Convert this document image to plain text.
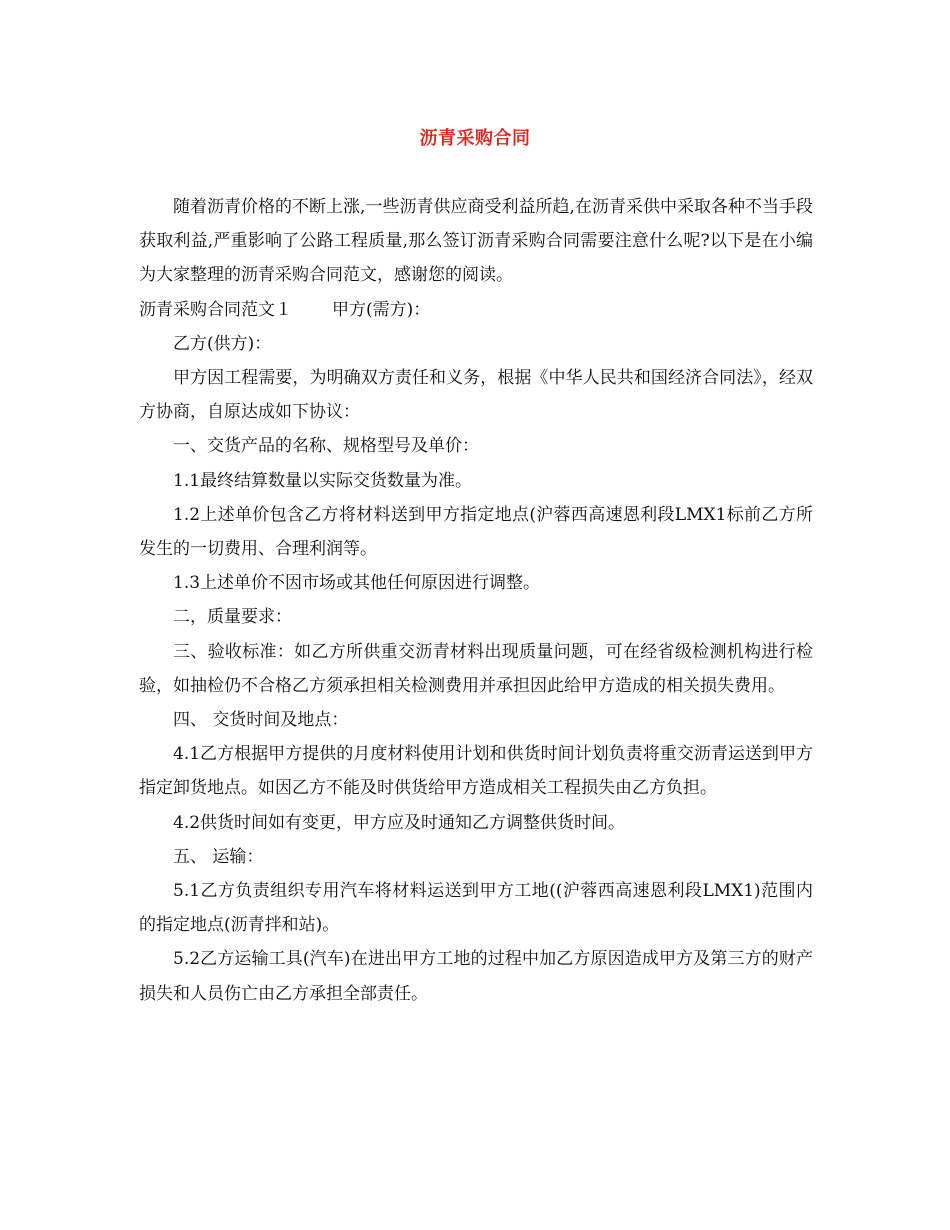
沥青采购合同

随着沥青价格的不断上涨,一些沥青供应商受利益所趋,在沥青采供中采取各种不当手段获取利益,严重影响了公路工程质量,那么签订沥青采购合同需要注意什么呢?以下是在小编为大家整理的沥青采购合同范文，感谢您的阅读。

沥青采购合同范文１ 甲方(需方)：

乙方(供方)：

甲方因工程需要，为明确双方责任和义务，根据《中华人民共和国经济合同法》，经双方协商，自原达成如下协议：

一、交货产品的名称、规格型号及单价：

1.1最终结算数量以实际交货数量为准。

1.2上述单价包含乙方将材料送到甲方指定地点(沪蓉西高速恩利段LMX1标前乙方所发生的一切费用、合理利润等。

1.3上述单价不因市场或其他任何原因进行调整。

二，质量要求：

三、验收标准：如乙方所供重交沥青材料出现质量问题，可在经省级检测机构进行检验，如抽检仍不合格乙方须承担相关检测费用并承担因此给甲方造成的相关损失费用。

四、 交货时间及地点：

4.1乙方根据甲方提供的月度材料使用计划和供货时间计划负责将重交沥青运送到甲方指定卸货地点。如因乙方不能及时供货给甲方造成相关工程损失由乙方负担。

4.2供货时间如有变更，甲方应及时通知乙方调整供货时间。

五、 运输：

5.1乙方负责组织专用汽车将材料运送到甲方工地((沪蓉西高速恩利段LMX1)范围内的指定地点(沥青拌和站)。

5.2乙方运输工具(汽车)在进出甲方工地的过程中加乙方原因造成甲方及第三方的财产损失和人员伤亡由乙方承担全部责任。
